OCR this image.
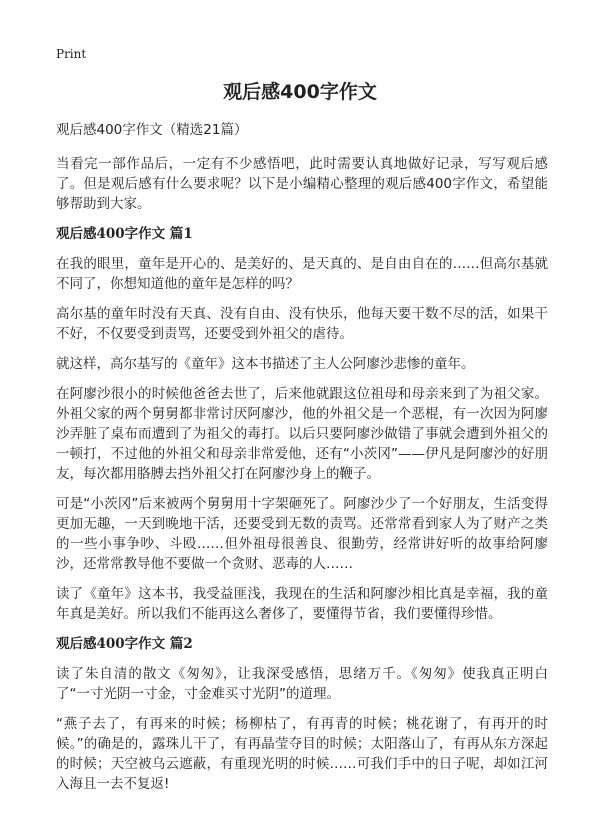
Print
观后感400字作文

观后感400字作文（精选21篇）

当看完一部作品后，一定有不少感悟吧，此时需要认真地做好记录，写写观后感了。但是观后感有什么要求呢？以下是小编精心整理的观后感400字作文，希望能够帮助到大家。

观后感400字作文 篇1

在我的眼里，童年是开心的、是美好的、是天真的、是自由自在的……但高尔基就不同了，你想知道他的童年是怎样的吗？

高尔基的童年时没有天真、没有自由、没有快乐，他每天要干数不尽的活，如果干不好，不仅要受到责骂，还要受到外祖父的虐待。

就这样，高尔基写的《童年》这本书描述了主人公阿廖沙悲惨的童年。

在阿廖沙很小的时候他爸爸去世了，后来他就跟这位祖母和母亲来到了为祖父家。外祖父家的两个舅舅都非常讨厌阿廖沙，他的外祖父是一个恶棍，有一次因为阿廖沙弄脏了桌布而遭到了为祖父的毒打。以后只要阿廖沙做错了事就会遭到外祖父的一顿打，不过他的外祖父和母亲非常爱他，还有“小茨冈”——伊凡是阿廖沙的好朋友，每次都用胳膊去挡外祖父打在阿廖沙身上的鞭子。

可是“小茨冈”后来被两个舅舅用十字架砸死了。阿廖沙少了一个好朋友，生活变得更加无趣，一天到晚地干活，还要受到无数的责骂。还常常看到家人为了财产之类的一些小事争吵、斗殴……但外祖母很善良、很勤劳，经常讲好听的故事给阿廖沙，还常常教导他不要做一个贪财、恶毒的人……

读了《童年》这本书，我受益匪浅，我现在的生活和阿廖沙相比真是幸福，我的童年真是美好。所以我们不能再这么奢侈了，要懂得节省，我们要懂得珍惜。

观后感400字作文 篇2

读了朱自清的散文《匆匆》，让我深受感悟，思绪万千。《匆匆》使我真正明白了“一寸光阴一寸金，寸金难买寸光阴”的道理。

“燕子去了，有再来的时候；杨柳枯了，有再青的时候；桃花谢了，有再开的时候。”的确是的，露珠儿干了，有再晶莹夺目的时候；太阳落山了，有再从东方深起的时候；天空被乌云遮蔽，有重现光明的时候……可我们手中的日子呢，却如江河入海且一去不复返!
